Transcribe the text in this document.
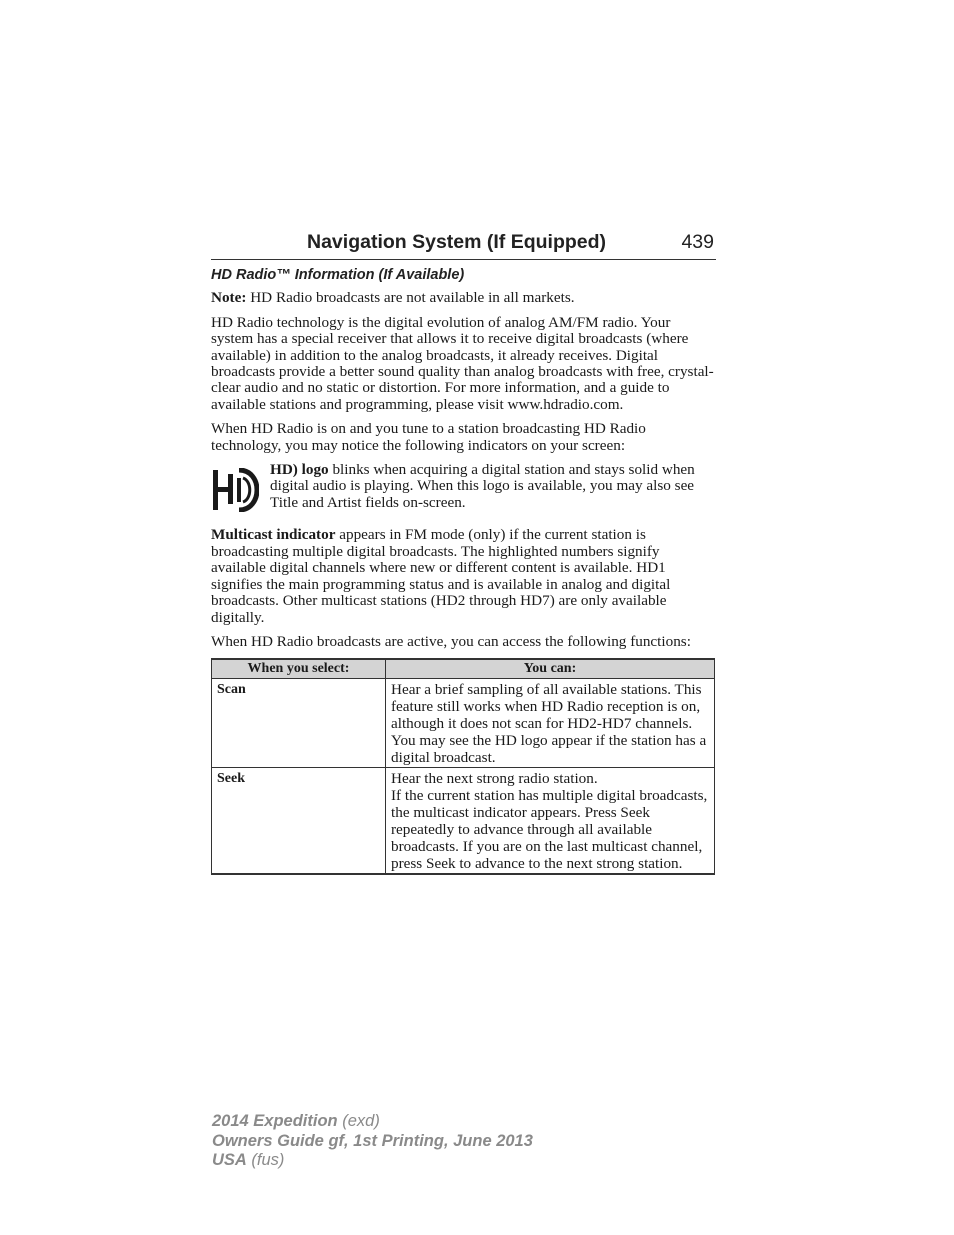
Navigation System (If Equipped)	439
HD Radio™ Information (If Available)

Note: HD Radio broadcasts are not available in all markets.

HD Radio technology is the digital evolution of analog AM/FM radio. Your system has a special receiver that allows it to receive digital broadcasts (where available) in addition to the analog broadcasts, it already receives. Digital broadcasts provide a better sound quality than analog broadcasts with free, crystal-clear audio and no static or distortion. For more information, and a guide to available stations and programming, please visit www.hdradio.com.

When HD Radio is on and you tune to a station broadcasting HD Radio technology, you may notice the following indicators on your screen:

HD) logo blinks when acquiring a digital station and stays solid when digital audio is playing. When this logo is available, you may also see Title and Artist fields on-screen.

Multicast indicator appears in FM mode (only) if the current station is broadcasting multiple digital broadcasts. The highlighted numbers signify available digital channels where new or different content is available. HD1 signifies the main programming status and is available in analog and digital broadcasts. Other multicast stations (HD2 through HD7) are only available digitally.

When HD Radio broadcasts are active, you can access the following functions:

When you select:	You can:
Scan	Hear a brief sampling of all available stations. This feature still works when HD Radio reception is on, although it does not scan for HD2-HD7 channels. You may see the HD logo appear if the station has a digital broadcast.

Seek	Hear the next strong radio station.
If the current station has multiple digital broadcasts, the multicast indicator appears. Press Seek repeatedly to advance through all available broadcasts. If you are on the last multicast channel, press Seek to advance to the next strong station.
2014 Expedition (exd)
Owners Guide gf, 1st Printing, June 2013
USA (fus)
